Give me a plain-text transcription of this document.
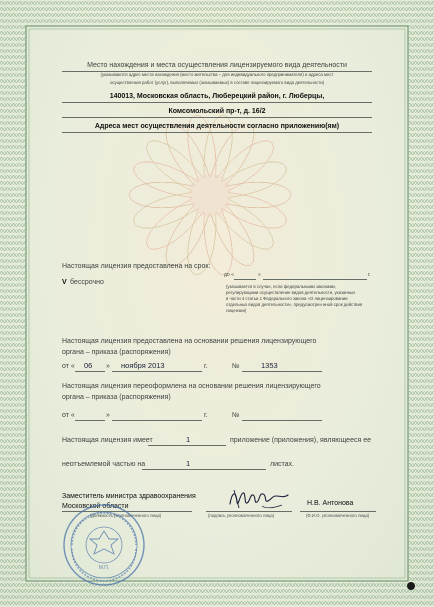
Место нахождения и места осуществления лицензируемого вида деятельности
(указываются адрес места нахождения (место жительства – для индивидуального предпринимателя) и адреса мест
осуществления работ (услуг), выполняемых (оказываемых) в составе лицензируемого вида деятельности)
140013, Московская область, Люберецкий район, г. Люберцы,
Комсомольский пр-т, д. 16/2
Адреса мест осуществления деятельности согласно приложению(ям)
Настоящая лицензия предоставлена на срок:
V бессрочно
до «	»	г.
(указывается в случае, если федеральными законами,
регулирующими осуществление видов деятельности, указанных
в части 4 статьи 1 Федерального закона «О лицензировании
отдельных видов деятельности», предусмотрен иной срок действия
лицензии)
Настоящая лицензия предоставлена на основании решения лицензирующего
органа – приказа (распоряжения)
от « 06 » ноября 2013	г.	№	1353
Настоящая лицензия переоформлена на основании решения лицензирующего
органа – приказа (распоряжения)
от «	»	г.	№
Настоящая лицензия имеет	1	приложение (приложения), являющееся ее
неотъемлемой частью на	1	листах.
Заместитель министра здравоохранения
Московской области
(должность уполномоченного лица)	(подпись уполномоченного лица)
Н.В. Антонова
(Ф.И.О. уполномоченного лица)
М.П.
